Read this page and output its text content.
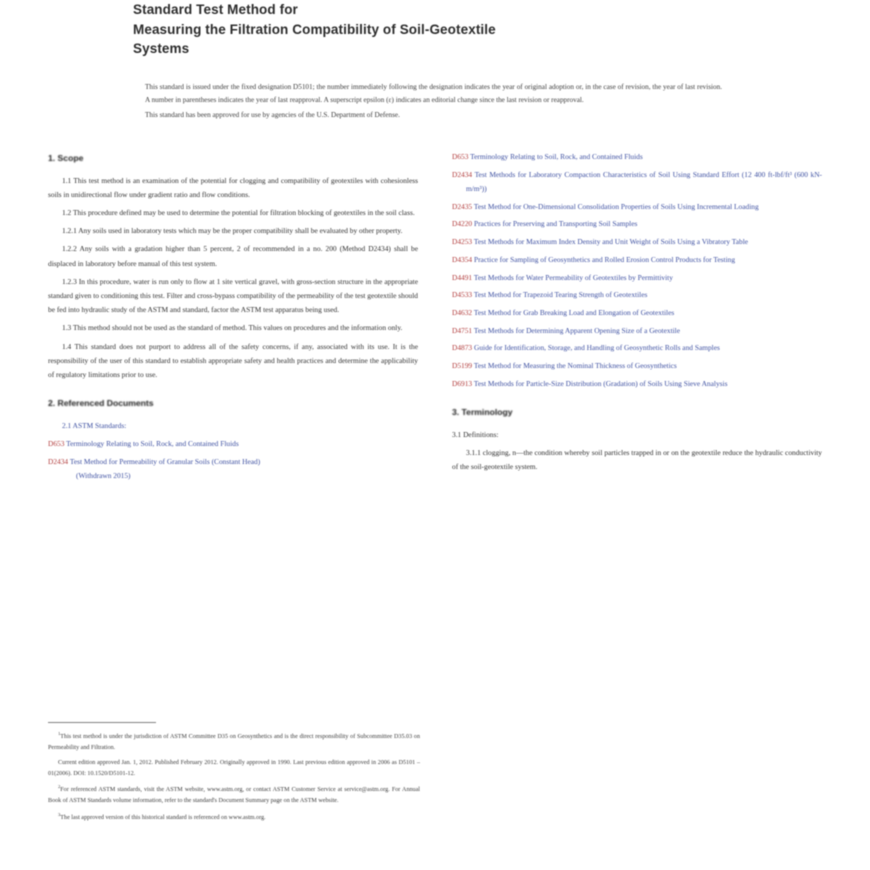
Standard Test Method for
Measuring the Filtration Compatibility of Soil-Geotextile
Systems

This standard is issued under the fixed designation D5101; the number immediately following the designation indicates the year of original adoption or, in the case of revision, the year of last revision. A number in parentheses indicates the year of last reapproval. A superscript epsilon (ε) indicates an editorial change since the last revision or reapproval.

This standard has been approved for use by agencies of the U.S. Department of Defense.

1. Scope

1.1 This test method is an examination of the potential for clogging and compatibility of geotextiles with cohesionless soils in unidirectional flow under gradient ratio and flow conditions.

1.2 This procedure defined may be used to determine the potential for filtration blocking of geotextiles in the soil class.

1.2.1 Any soils used in laboratory tests which may be the proper compatibility shall be evaluated by other property.

1.2.2 Any soils with a gradation higher than 5 percent, 2 of recommended in a no. 200 (Method D2434) shall be displaced in laboratory before manual of this test system.

1.2.3 In this procedure, water is run only to flow at 1 site vertical gravel, with gross-section structure in the appropriate standard given to conditioning this test. Filter and cross-bypass compatibility of the permeability of the test geotextile should be fed into hydraulic study of the ASTM and standard, factor the ASTM test apparatus being used.

1.3 This method should not be used as the standard of method. This values on procedures and the information only.

1.4 This standard does not purport to address all of the safety concerns, if any, associated with its use. It is the responsibility of the user of this standard to establish appropriate safety and health practices and determine the applicability of regulatory limitations prior to use.

2. Referenced Documents

2.1 ASTM Standards:

D653 Terminology Relating to Soil, Rock, and Contained Fluids

D2434 Test Method for Permeability of Granular Soils (Constant Head)
(Withdrawn 2015)

D653 Terminology Relating to Soil, Rock, and Contained Fluids

D2434 Test Methods for Laboratory Compaction Characteristics of Soil Using Standard Effort (12 400 ft-lbf/ft³ (600 kN-m/m³))

D2435 Test Method for One-Dimensional Consolidation Properties of Soils Using Incremental Loading

D4220 Practices for Preserving and Transporting Soil Samples

D4253 Test Methods for Maximum Index Density and Unit Weight of Soils Using a Vibratory Table

D4354 Practice for Sampling of Geosynthetics and Rolled Erosion Control Products for Testing

D4491 Test Methods for Water Permeability of Geotextiles by Permittivity

D4533 Test Method for Trapezoid Tearing Strength of Geotextiles

D4632 Test Method for Grab Breaking Load and Elongation of Geotextiles

D4751 Test Methods for Determining Apparent Opening Size of a Geotextile

D4873 Guide for Identification, Storage, and Handling of Geosynthetic Rolls and Samples

D5199 Test Method for Measuring the Nominal Thickness of Geosynthetics

D6913 Test Methods for Particle-Size Distribution (Gradation) of Soils Using Sieve Analysis

3. Terminology

3.1 Definitions:

3.1.1 clogging, n—the condition whereby soil particles trapped in or on the geotextile reduce the hydraulic conductivity of the soil-geotextile system.

$^1$This test method is under the jurisdiction of ASTM Committee D35 on Geosynthetics and is the direct responsibility of Subcommittee D35.03 on Permeability and Filtration.

Current edition approved Jan. 1, 2012. Published February 2012. Originally approved in 1990. Last previous edition approved in 2006 as D5101 – 01(2006). DOI: 10.1520/D5101-12.

$^2$For referenced ASTM standards, visit the ASTM website, www.astm.org, or contact ASTM Customer Service at service@astm.org. For Annual Book of ASTM Standards volume information, refer to the standard's Document Summary page on the ASTM website.

$^3$The last approved version of this historical standard is referenced on www.astm.org.
